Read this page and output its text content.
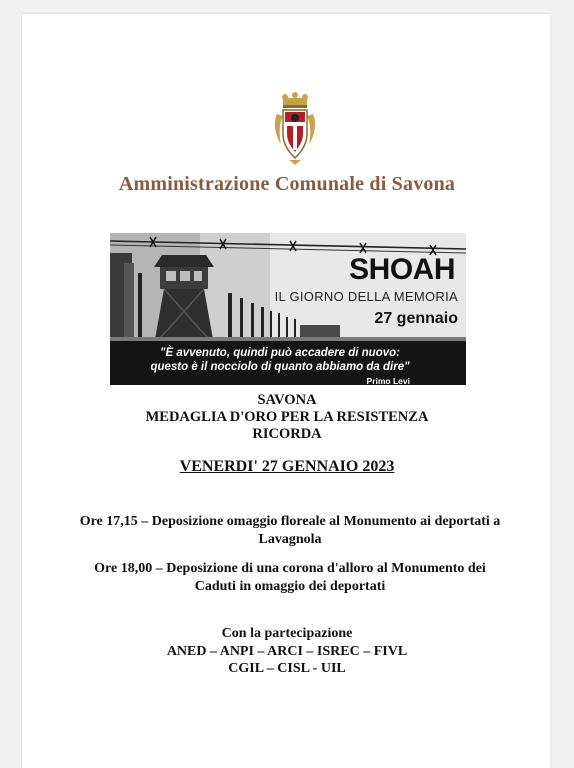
Amministrazione Comunale di Savona
SHOAH
IL GIORNO DELLA MEMORIA
27 gennaio
"È avvenuto, quindi può accadere di nuovo:
questo è il nocciolo di quanto abbiamo da dire"
Primo Levi
SAVONA
MEDAGLIA D'ORO PER LA RESISTENZA
RICORDA
VENERDI' 27 GENNAIO 2023
Ore 17,15 – Deposizione omaggio floreale al Monumento ai deportati a
Lavagnola
Ore 18,00 – Deposizione di una corona d'alloro al Monumento dei
Caduti in omaggio dei deportati
Con la partecipazione
ANED – ANPI – ARCI – ISREC – FIVL
CGIL – CISL - UIL
